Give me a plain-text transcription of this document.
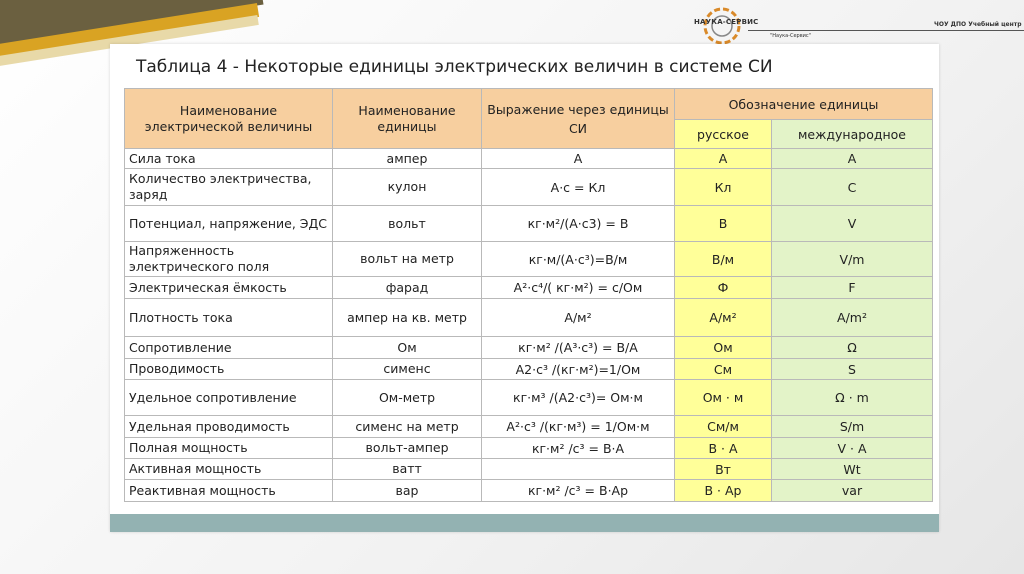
НАУКА-СЕРВИС	ЧОУ ДПО Учебный центр
"Наука-Сервис"
Таблица 4 - Некоторые единицы электрических величин в системе СИ
Наименование электрической величины	Наименование единицы	Выражение через единицы СИ	Обозначение единицы	
			русское	международное
Сила тока	ампер	А	А	A
Количество электричества, заряд	кулон	А·с = Кл	Кл	C
Потенциал, напряжение, ЭДС	вольт	кг·м²/(А·с3) = В	В	V
Напряженность электрического поля	вольт на метр	кг·м/(А·с³)=В/м	В/м	V/m
Электрическая ёмкость	фарад	А²·с⁴/( кг·м²) = с/Ом	Ф	F
Плотность тока	ампер на кв. метр	А/м²	А/м²	A/m²
Сопротивление	Ом	кг·м² /(А³·с³) = В/А	Ом	Ω
Проводимость	сименс	А2·с³ /(кг·м²)=1/Ом	См	S
Удельное сопротивление	Ом-метр	кг·м³ /(А2·с³)= Ом·м	Ом · м	Ω · m
Удельная проводимость	сименс на метр	А²·с³ /(кг·м³) = 1/Ом·м	См/м	S/m
Полная мощность	вольт-ампер	кг·м² /с³ = В·А	В · А	V · A
Активная мощность	ватт		Вт	Wt
Реактивная мощность	вар	кг·м² /с³ = В·Ар	В · Ар	var
